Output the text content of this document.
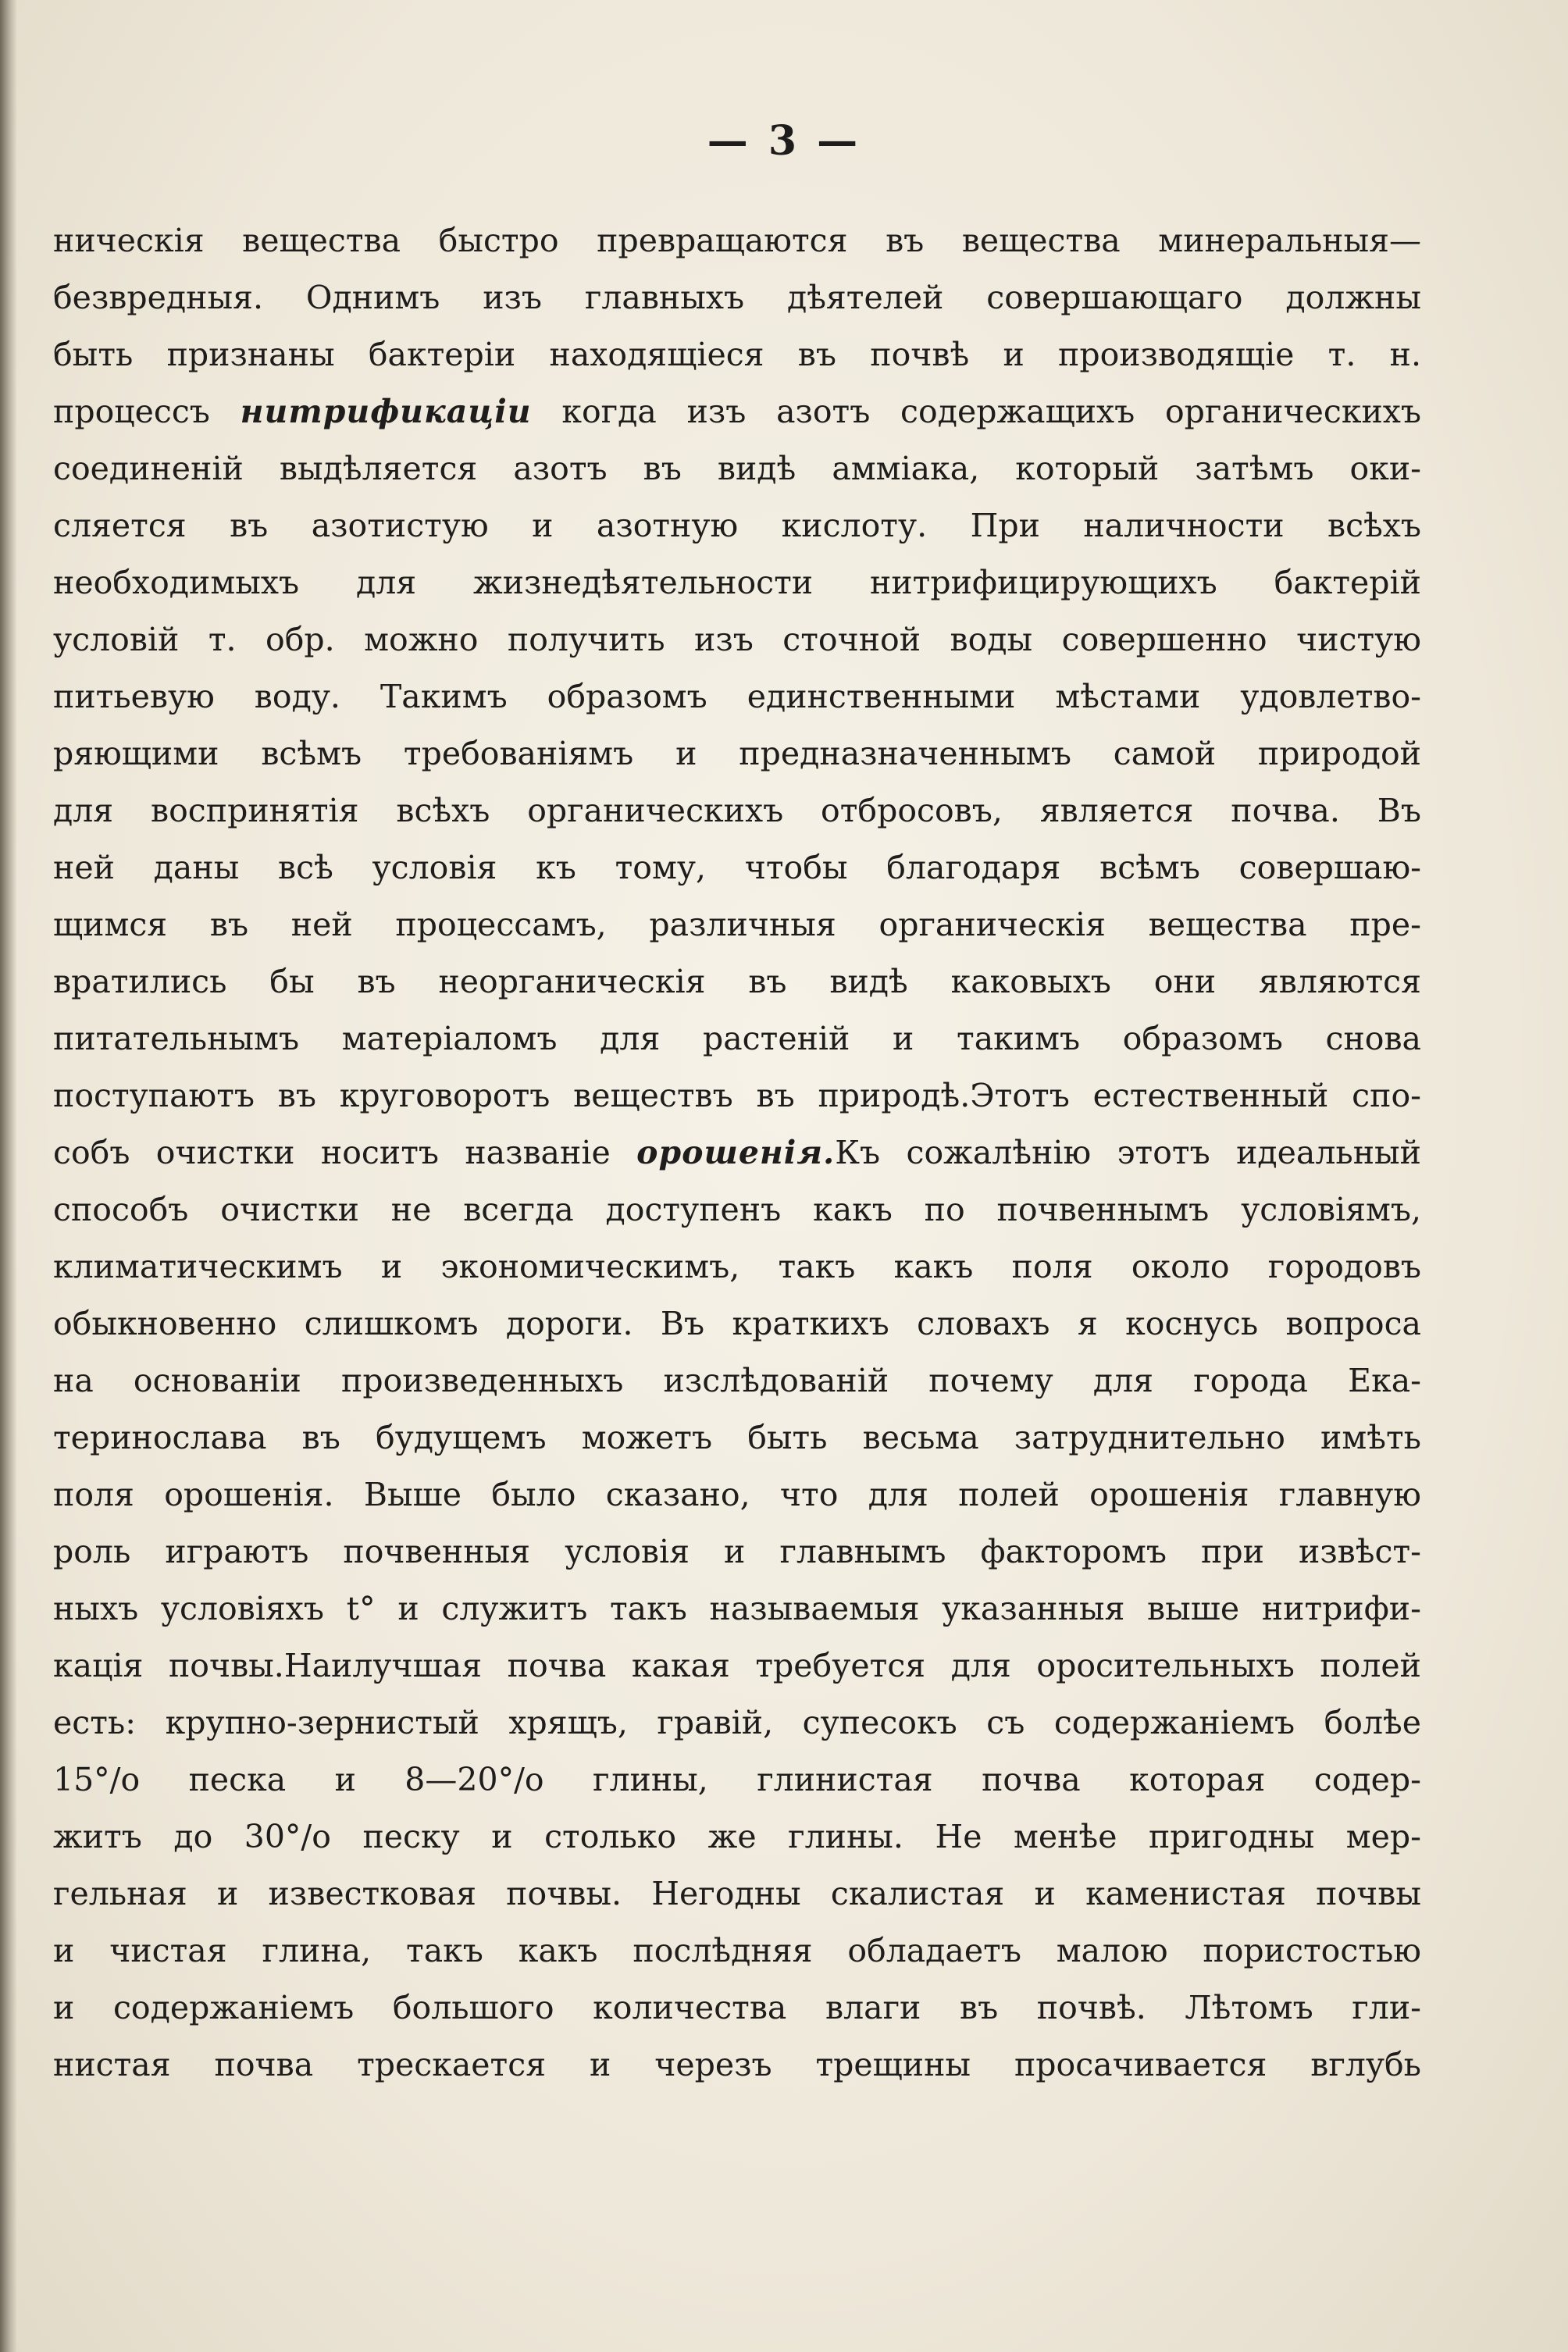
— 3 —
ническія вещества быстро превращаются въ вещества минеральныя—
безвредныя. Однимъ изъ главныхъ дѣятелей совершающаго должны
быть признаны бактеріи находящіеся въ почвѣ и производящіе т. н.
процессъ нитрификаціи когда изъ азотъ содержащихъ органическихъ
соединеній выдѣляется азотъ въ видѣ амміака, который затѣмъ оки-
сляется въ азотистую и азотную кислоту. При наличности всѣхъ
необходимыхъ для жизнедѣятельности нитрифицирующихъ бактерій
условій т. обр. можно получить изъ сточной воды совершенно чистую
питьевую воду. Такимъ образомъ единственными мѣстами удовлетво-
ряющими всѣмъ требованіямъ и предназначеннымъ самой природой
для воспринятія всѣхъ органическихъ отбросовъ, является почва. Въ
ней даны всѣ условія къ тому, чтобы благодаря всѣмъ совершаю-
щимся въ ней процессамъ, различныя органическія вещества пре-
вратились бы въ неорганическія въ видѣ каковыхъ они являются
питательнымъ матеріаломъ для растеній и такимъ образомъ снова
поступаютъ въ круговоротъ веществъ въ природѣ.Этотъ естественный спо-
собъ очистки носитъ названіе орошенія.Къ сожалѣнію этотъ идеальный
способъ очистки не всегда доступенъ какъ по почвеннымъ условіямъ,
климатическимъ и экономическимъ, такъ какъ поля около городовъ
обыкновенно слишкомъ дороги. Въ краткихъ словахъ я коснусь вопроса
на основаніи произведенныхъ изслѣдованій почему для города Ека-
теринослава въ будущемъ можетъ быть весьма затруднительно имѣть
поля орошенія. Выше было сказано, что для полей орошенія главную
роль играютъ почвенныя условія и главнымъ факторомъ при извѣст-
ныхъ условіяхъ t° и служитъ такъ называемыя указанныя выше нитрифи-
кація почвы.Наилучшая почва какая требуется для оросительныхъ полей
есть: крупно-зернистый хрящъ, гравій, супесокъ съ содержаніемъ болѣе
15°/о песка и 8—20°/о глины, глинистая почва которая содер-
житъ до 30°/о песку и столько же глины. Не менѣе пригодны мер-
гельная и известковая почвы. Негодны скалистая и каменистая почвы
и чистая глина, такъ какъ послѣдняя обладаетъ малою пористостью
и содержаніемъ большого количества влаги въ почвѣ. Лѣтомъ гли-
нистая почва трескается и черезъ трещины просачивается вглубь
